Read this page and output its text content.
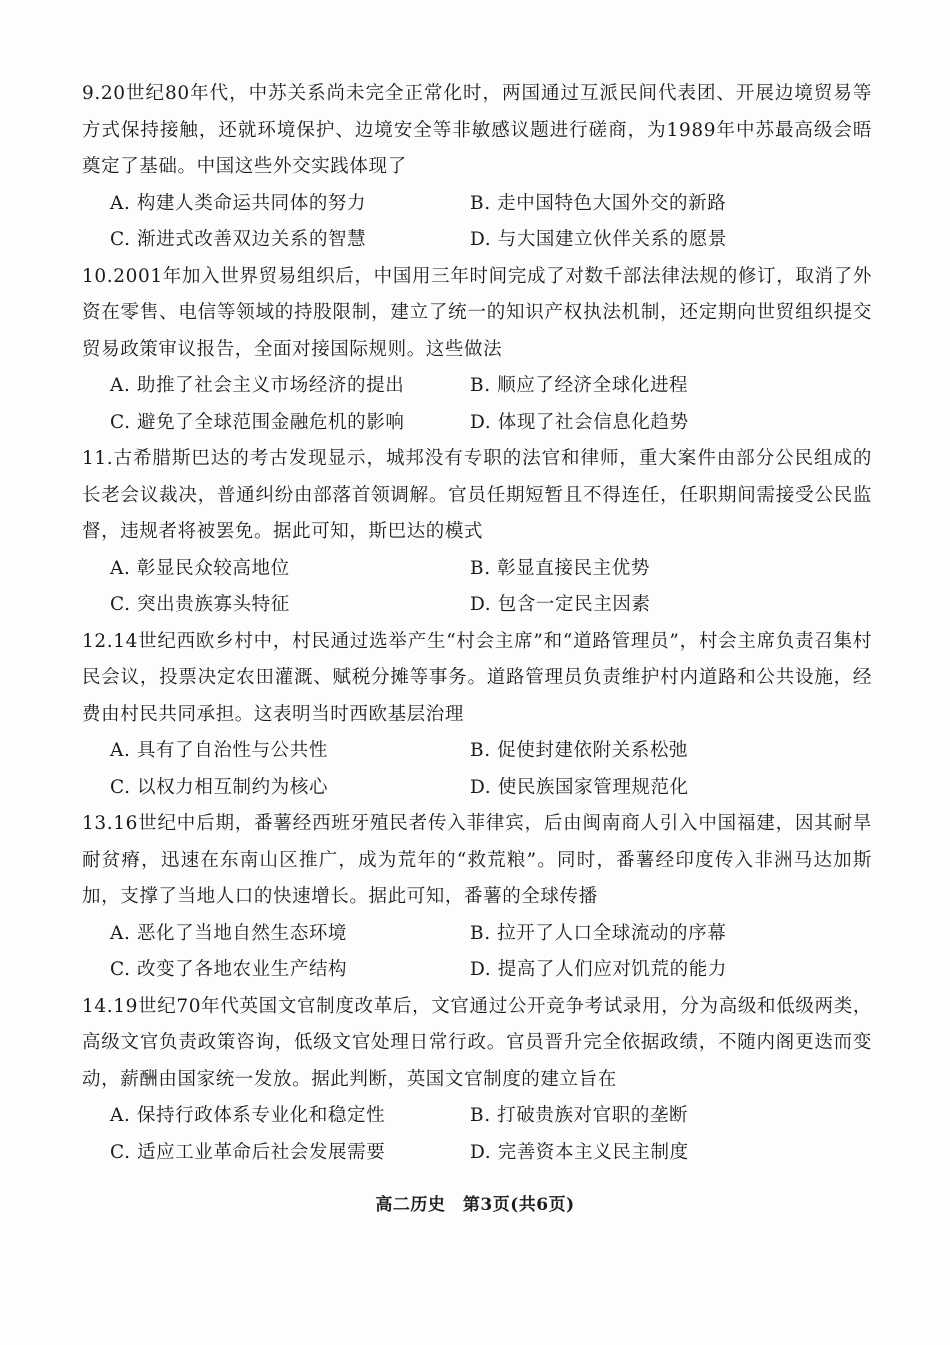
9.20世纪80年代，中苏关系尚未完全正常化时，两国通过互派民间代表团、开展边境贸易等方式保持接触，还就环境保护、边境安全等非敏感议题进行磋商，为1989年中苏最高级会晤奠定了基础。中国这些外交实践体现了

A. 构建人类命运共同体的努力	B. 走中国特色大国外交的新路
C. 渐进式改善双边关系的智慧	D. 与大国建立伙伴关系的愿景

10.2001年加入世界贸易组织后，中国用三年时间完成了对数千部法律法规的修订，取消了外资在零售、电信等领域的持股限制，建立了统一的知识产权执法机制，还定期向世贸组织提交贸易政策审议报告，全面对接国际规则。这些做法

A. 助推了社会主义市场经济的提出	B. 顺应了经济全球化进程
C. 避免了全球范围金融危机的影响	D. 体现了社会信息化趋势

11.古希腊斯巴达的考古发现显示，城邦没有专职的法官和律师，重大案件由部分公民组成的长老会议裁决，普通纠纷由部落首领调解。官员任期短暂且不得连任，任职期间需接受公民监督，违规者将被罢免。据此可知，斯巴达的模式

A. 彰显民众较高地位	B. 彰显直接民主优势
C. 突出贵族寡头特征	D. 包含一定民主因素

12.14世纪西欧乡村中，村民通过选举产生“村会主席”和“道路管理员”，村会主席负责召集村民会议，投票决定农田灌溉、赋税分摊等事务。道路管理员负责维护村内道路和公共设施，经费由村民共同承担。这表明当时西欧基层治理

A. 具有了自治性与公共性	B. 促使封建依附关系松弛
C. 以权力相互制约为核心	D. 使民族国家管理规范化

13.16世纪中后期，番薯经西班牙殖民者传入菲律宾，后由闽南商人引入中国福建，因其耐旱耐贫瘠，迅速在东南山区推广，成为荒年的“救荒粮”。同时，番薯经印度传入非洲马达加斯加，支撑了当地人口的快速增长。据此可知，番薯的全球传播

A. 恶化了当地自然生态环境	B. 拉开了人口全球流动的序幕
C. 改变了各地农业生产结构	D. 提高了人们应对饥荒的能力

14.19世纪70年代英国文官制度改革后，文官通过公开竞争考试录用，分为高级和低级两类，高级文官负责政策咨询，低级文官处理日常行政。官员晋升完全依据政绩，不随内阁更迭而变动，薪酬由国家统一发放。据此判断，英国文官制度的建立旨在

A. 保持行政体系专业化和稳定性	B. 打破贵族对官职的垄断
C. 适应工业革命后社会发展需要	D. 完善资本主义民主制度
高二历史　第3页(共6页)
